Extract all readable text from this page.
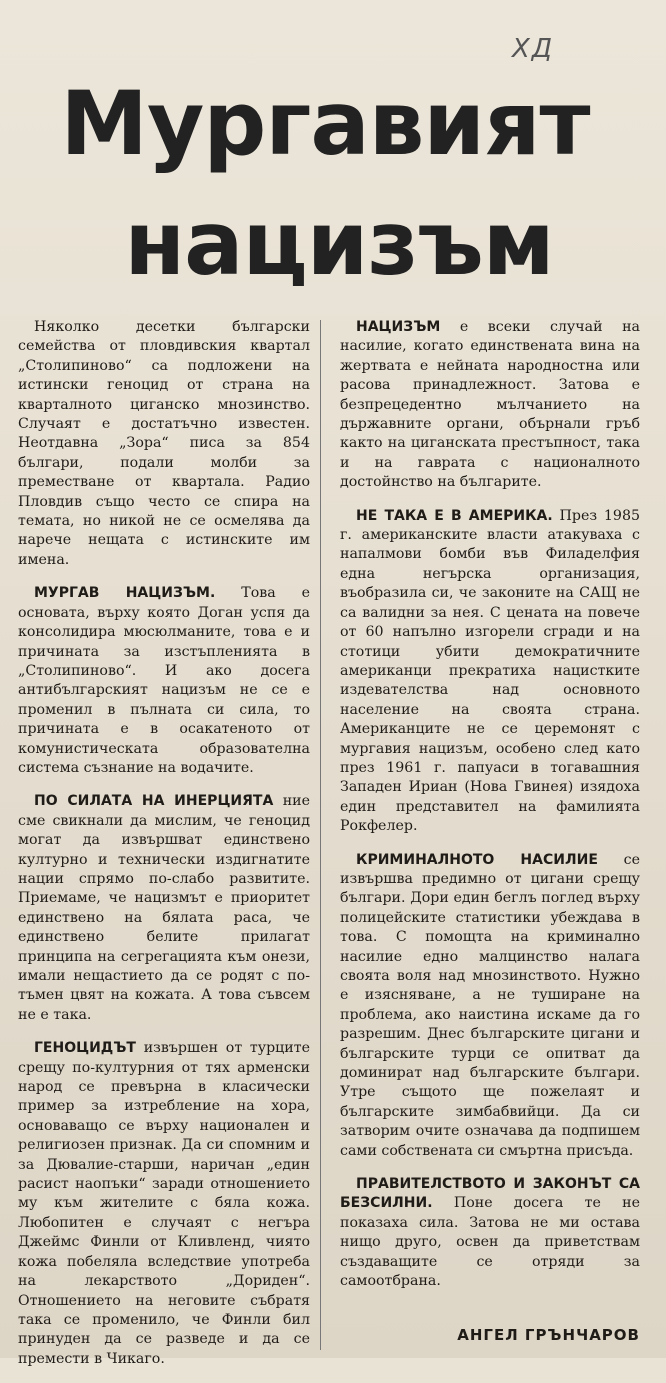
ХД
Мургавият
нацизъм

Няколко десетки български семейства от пловдивския квартал „Столипиново“ са подложени на истински геноцид от страна на кварталното циганско мнозинство. Случаят е достатъчно известен. Неотдавна „Зора“ писа за 854 българи, подали молби за преместване от квартала. Радио Пловдив също често се спира на темата, но никой не се осмелява да нарече нещата с истинските им имена.

МУРГАВ НАЦИЗЪМ. Това е основата, върху която Доган успя да консолидира мюсюлманите, това е и причината за изстъпленията в „Столипиново“. И ако досега антибългарският нацизъм не се е променил в пълната си сила, то причината е в осакатеното от комунистическата образователна система съзнание на водачите.

ПО СИЛАТА НА ИНЕРЦИЯТА ние сме свикнали да мислим, че геноцид могат да извършват единствено културно и технически издигнатите нации спрямо по-слабо развитите. Приемаме, че нацизмът е приоритет единствено на бялата раса, че единствено белите прилагат принципа на сегрегацията към онези, имали нещастието да се родят с по-тъмен цвят на кожата. А това съвсем не е така.

ГЕНОЦИДЪТ извършен от турците срещу по-културния от тях арменски народ се превърна в класически пример за изтребление на хора, основаващо се върху национален и религиозен признак. Да си спомним и за Дювалие-старши, наричан „един расист наопъки“ заради отношението му към жителите с бяла кожа. Любопитен е случаят с негъра Джеймс Финли от Кливленд, чиято кожа побеляла вследствие употреба на лекарството „Дориден“. Отношението на неговите събратя така се променило, че Финли бил принуден да се разведе и да се премести в Чикаго.

НАЦИЗЪМ е всеки случай на насилие, когато единствената вина на жертвата е нейната народностна или расова принадлежност. Затова е безпрецедентно мълчанието на държавните органи, обърнали гръб както на циганската престъпност, така и на гаврата с националното достойнство на българите.

НЕ ТАКА Е В АМЕРИКА. През 1985 г. американските власти атакуваха с напалмови бомби във Филаделфия една негърска организация, въобразила си, че законите на САЩ не са валидни за нея. С цената на повече от 60 напълно изгорели сгради и на стотици убити демократичните американци прекратиха нацистките издевателства над основното население на своята страна. Американците не се церемонят с мургавия нацизъм, особено след като през 1961 г. папуаси в тогавашния Западен Ириан (Нова Гвинея) изядоха един представител на фамилията Рокфелер.

КРИМИНАЛНОТО НАСИЛИЕ се извършва предимно от цигани срещу българи. Дори един беглъ поглед върху полицейските статистики убеждава в това. С помощта на криминално насилие едно малцинство налага своята воля над мнозинството. Нужно е изясняване, а не туширане на проблема, ако наистина искаме да го разрешим. Днес българските цигани и българските турци се опитват да доминират над българските българи. Утре същото ще пожелаят и българските зимбабвийци. Да си затворим очите означава да подпишем сами собствената си смъртна присъда.

ПРАВИТЕЛСТВОТО И ЗАКОНЪТ СА БЕЗСИЛНИ. Поне досега те не показаха сила. Затова не ми остава нищо друго, освен да приветствам създаващите се отряди за самоотбрана.

АНГЕЛ ГРЪНЧАРОВ
